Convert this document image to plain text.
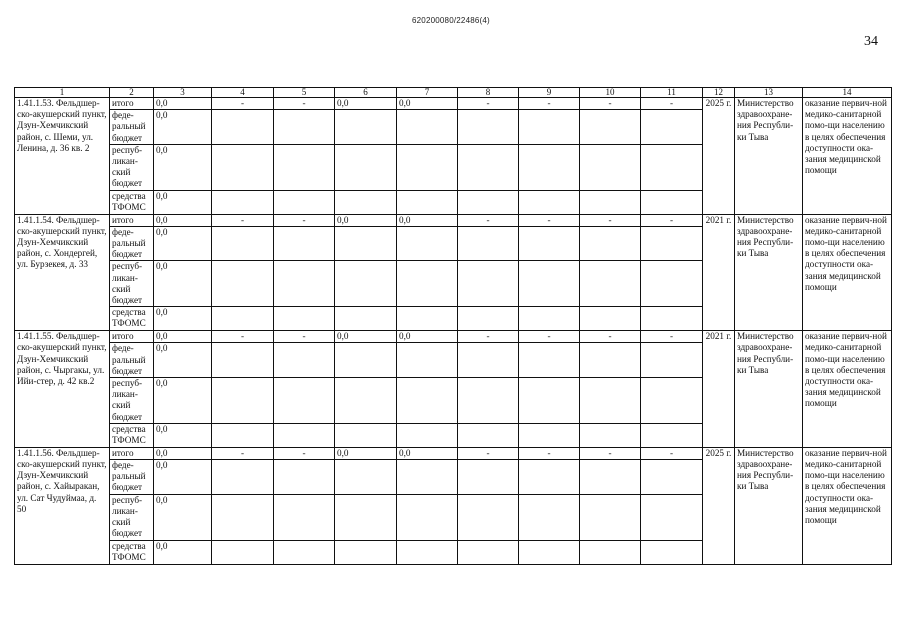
620200080/22486(4)
34
1	2	3	4	5	6	7	8	9	10	11	12	13	14
1.41.1.53. Фельдшер-ско-акушерский пункт, Дзун-Хемчикский район, с. Шеми, ул. Ленина, д. 36 кв. 2	итого	0,0	-	-	0,0	0,0	-	-	-	-	2025 г.	Министерство здравоохране-ния Республи-ки Тыва	оказание первич-ной медико-санитарной помо-щи населению в целях обеспечения доступности ока-зания медицинской помощи
	феде-ральный бюджет	0,0											
	респуб-ликан-ский бюджет	0,0											
	средства ТФОМС	0,0											
1.41.1.54. Фельдшер-ско-акушерский пункт, Дзун-Хемчикский район, с. Хондергей, ул. Бурзекея, д. 33	итого	0,0	-	-	0,0	0,0	-	-	-	-	2021 г.	Министерство здравоохране-ния Республи-ки Тыва	оказание первич-ной медико-санитарной помо-щи населению в целях обеспечения доступности ока-зания медицинской помощи
	феде-ральный бюджет	0,0											
	респуб-ликан-ский бюджет	0,0											
	средства ТФОМС	0,0											
1.41.1.55. Фельдшер-ско-акушерский пункт, Дзун-Хемчикский район, с. Чыргакы, ул. Ийи-стер, д. 42 кв.2	итого	0,0	-	-	0,0	0,0	-	-	-	-	2021 г.	Министерство здравоохране-ния Республи-ки Тыва	оказание первич-ной медико-санитарной помо-щи населению в целях обеспечения доступности ока-зания медицинской помощи
	феде-ральный бюджет	0,0											
	респуб-ликан-ский бюджет	0,0											
	средства ТФОМС	0,0											
1.41.1.56. Фельдшер-ско-акушерский пункт, Дзун-Хемчикский район, с. Хайыракан, ул. Сат Чудуймаа, д. 50	итого	0,0	-	-	0,0	0,0	-	-	-	-	2025 г.	Министерство здравоохране-ния Республи-ки Тыва	оказание первич-ной медико-санитарной помо-щи населению в целях обеспечения доступности ока-зания медицинской помощи
	феде-ральный бюджет	0,0											
	респуб-ликан-ский бюджет	0,0											
	средства ТФОМС	0,0											
